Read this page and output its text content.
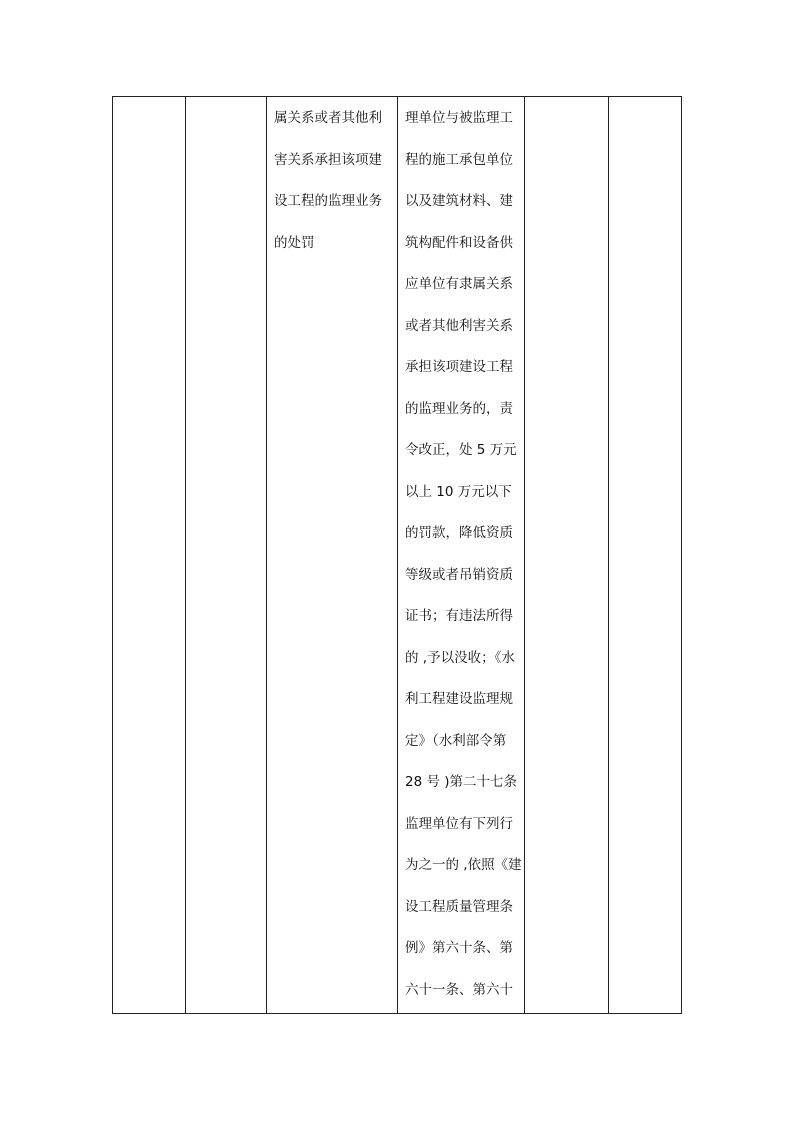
属关系或者其他利
害关系承担该项建
设工程的监理业务
的处罚

理单位与被监理工
程的施工承包单位
以及建筑材料、建
筑构配件和设备供
应单位有隶属关系
或者其他利害关系
承担该项建设工程
的监理业务的，责
令改正，处 5 万元
以上 10 万元以下
的罚款，降低资质
等级或者吊销资质
证书；有违法所得
的 ,予以没收；《水
利工程建设监理规
定》（水利部令第
28 号 )第二十七条
监理单位有下列行
为之一的 ,依照《建
设工程质量管理条
例》第六十条、第
六十一条、第六十
